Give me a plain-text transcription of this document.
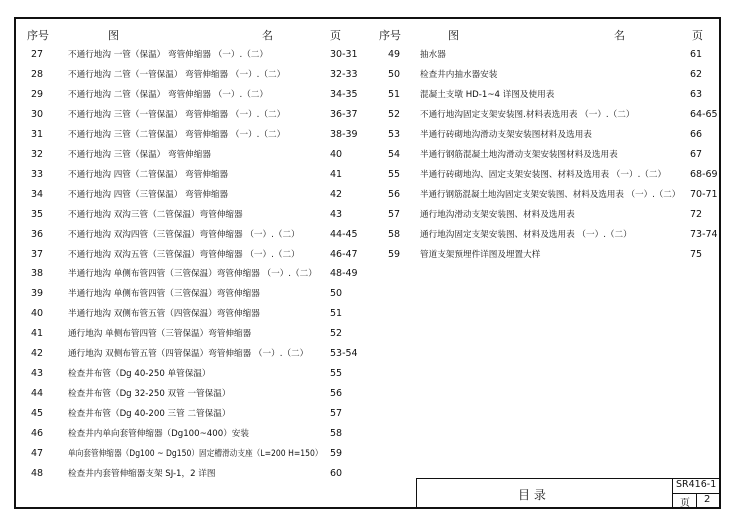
序号	图	名	页	序号	图	名	页
27	不通行地沟 一管（保温） 弯管伸缩器 （一）.（二）	30-31
28	不通行地沟 二管（一管保温） 弯管伸缩器 （一）.（二）	32-33
29	不通行地沟 二管（保温） 弯管伸缩器 （一）.（二）	34-35
30	不通行地沟 三管（一管保温） 弯管伸缩器 （一）.（二）	36-37
31	不通行地沟 三管（二管保温） 弯管伸缩器 （一）.（二）	38-39
32	不通行地沟 三管（保温） 弯管伸缩器	40
33	不通行地沟 四管（二管保温） 弯管伸缩器	41
34	不通行地沟 四管（三管保温） 弯管伸缩器	42
35	不通行地沟 双沟三管（二管保温）弯管伸缩器	43
36	不通行地沟 双沟四管（三管保温）弯管伸缩器 （一）.（二）	44-45
37	不通行地沟 双沟五管（三管保温）弯管伸缩器 （一）.（二）	46-47
38	半通行地沟 单侧布管四管（三管保温）弯管伸缩器 （一）.（二） 48-49
39	半通行地沟 单侧布管四管（三管保温）弯管伸缩器	50
40	半通行地沟 双侧布管五管（四管保温）弯管伸缩器	51
41	通行地沟 单侧布管四管（三管保温）弯管伸缩器	52
42	通行地沟 双侧布管五管（四管保温）弯管伸缩器 （一）.（二） 53-54
43	检查井布管（Dg 40-250 单管保温）	55
44	检查井布管（Dg 32-250 双管 一管保温）	56
45	检查井布管（Dg 40-200 三管 二管保温）	57
46	检查井内单向套管伸缩器（Dg100~400）安装	58
47	单向套管伸缩器（Dg100 ~ Dg150）固定槽滑动支座（L=200 H=150） 59
48	检查井内套管伸缩器支架 SJ-1，2 详图	60
49	抽水器	61
50	检查井内抽水器安装	62
51	混凝土支墩 HD-1~4 详图及使用表	63
52	不通行地沟固定支架安装图.材料表选用表 （一）.（二）	64-65
53	半通行砖砌地沟滑动支架安装图材料及选用表	66
54	半通行钢筋混凝土地沟滑动支架安装图材料及选用表	67
55	半通行砖砌地沟、固定支架安装图、材料及选用表 （一）.（二）	68-69
56	半通行钢筋混凝土地沟固定支架安装图、材料及选用表 （一）.（二） 70-71
57	通行地沟滑动支架安装图、材料及选用表	72
58	通行地沟固定支架安装图、材料及选用表 （一）.（二）	73-74
59	管道支架预埋件详图及埋置大样	75
目 录
SR416-1
页 2
